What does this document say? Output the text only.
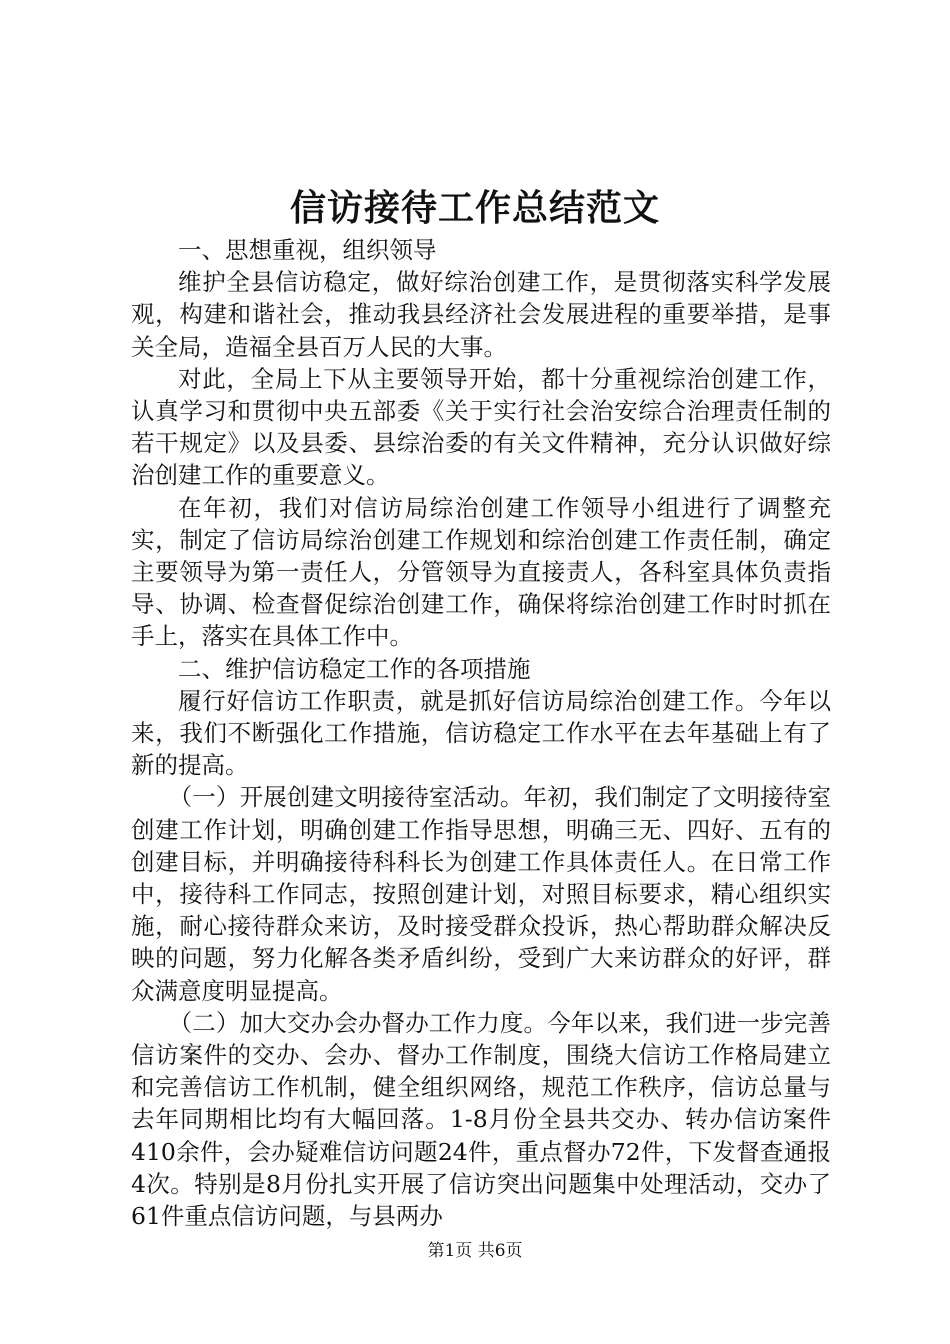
信访接待工作总结范文

一、思想重视，组织领导

维护全县信访稳定，做好综治创建工作，是贯彻落实科学发展观，构建和谐社会，推动我县经济社会发展进程的重要举措，是事关全局，造福全县百万人民的大事。

对此，全局上下从主要领导开始，都十分重视综治创建工作，认真学习和贯彻中央五部委《关于实行社会治安综合治理责任制的若干规定》以及县委、县综治委的有关文件精神，充分认识做好综治创建工作的重要意义。

在年初，我们对信访局综治创建工作领导小组进行了调整充实，制定了信访局综治创建工作规划和综治创建工作责任制，确定主要领导为第一责任人，分管领导为直接责人，各科室具体负责指导、协调、检查督促综治创建工作，确保将综治创建工作时时抓在手上，落实在具体工作中。

二、维护信访稳定工作的各项措施

履行好信访工作职责，就是抓好信访局综治创建工作。今年以来，我们不断强化工作措施，信访稳定工作水平在去年基础上有了新的提高。

（一）开展创建文明接待室活动。年初，我们制定了文明接待室创建工作计划，明确创建工作指导思想，明确三无、四好、五有的创建目标，并明确接待科科长为创建工作具体责任人。在日常工作中，接待科工作同志，按照创建计划，对照目标要求，精心组织实施，耐心接待群众来访，及时接受群众投诉，热心帮助群众解决反映的问题，努力化解各类矛盾纠纷，受到广大来访群众的好评，群众满意度明显提高。

（二）加大交办会办督办工作力度。今年以来，我们进一步完善信访案件的交办、会办、督办工作制度，围绕大信访工作格局建立和完善信访工作机制，健全组织网络，规范工作秩序，信访总量与去年同期相比均有大幅回落。1-8月份全县共交办、转办信访案件410余件，会办疑难信访问题24件，重点督办72件，下发督查通报4次。特别是8月份扎实开展了信访突出问题集中处理活动，交办了61件重点信访问题，与县两办

第1页 共6页
